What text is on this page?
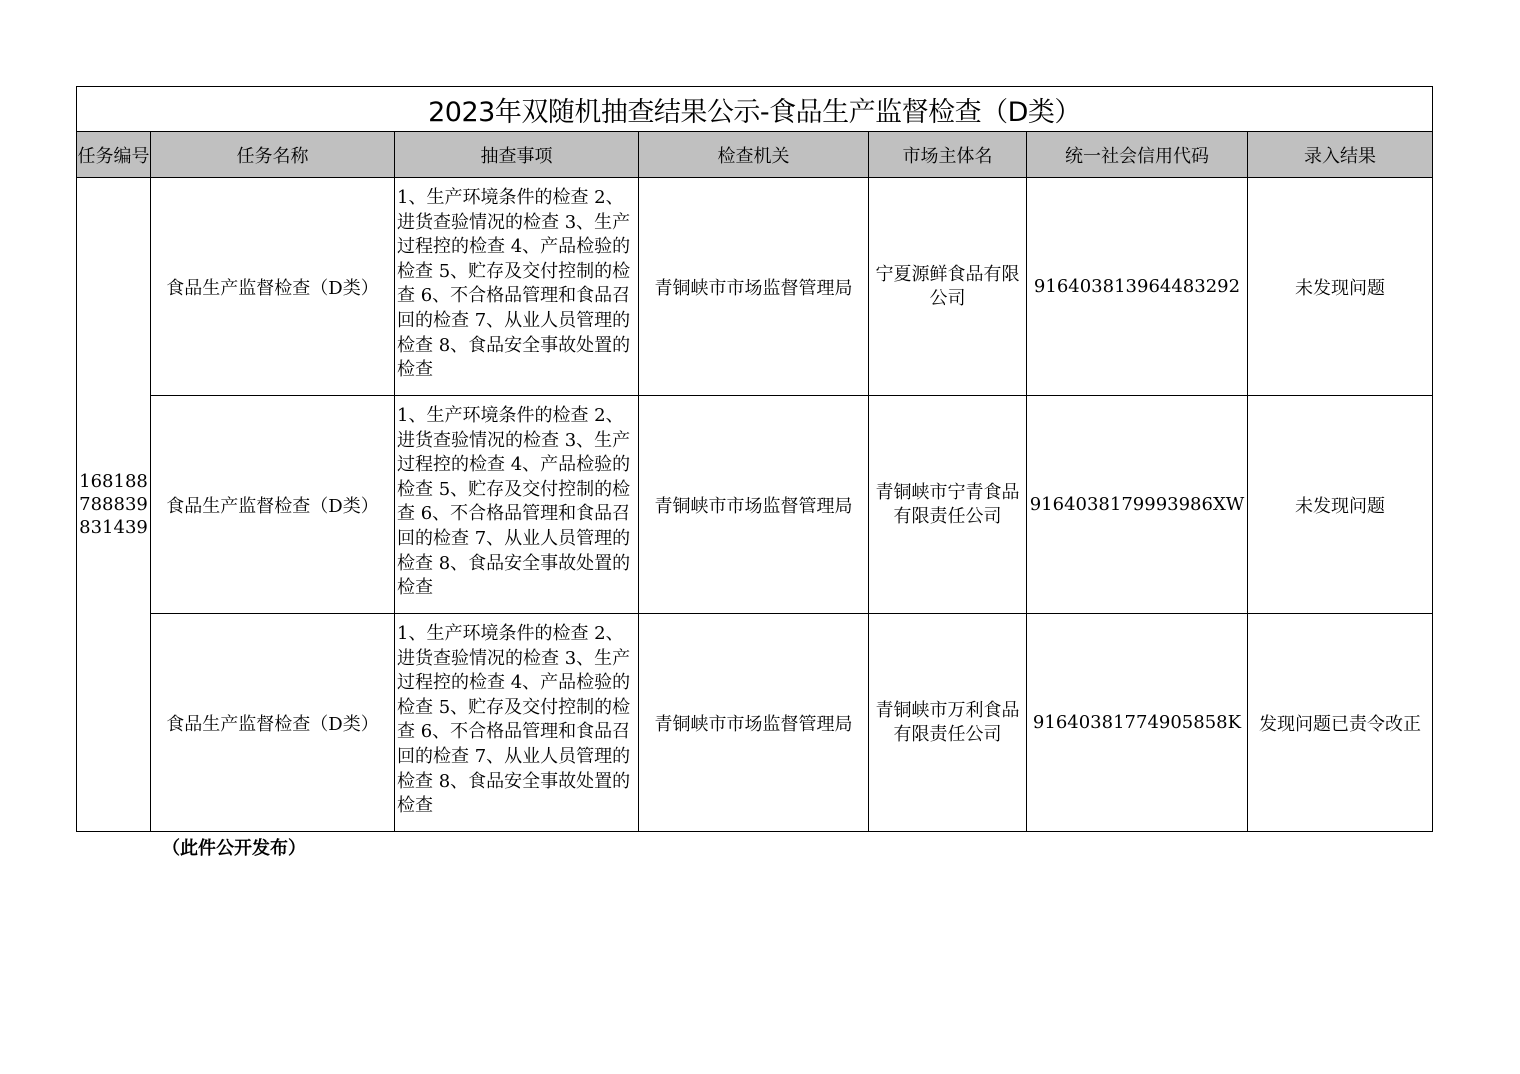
2023年双随机抽查结果公示-食品生产监督检查（D类）						
任务编号	任务名称	抽查事项	检查机关	市场主体名	统一社会信用代码	录入结果
168188788839831439	食品生产监督检查（D类）	1、生产环境条件的检查 2、进货查验情况的检查 3、生产过程控的检查 4、产品检验的检查 5、贮存及交付控制的检查 6、不合格品管理和食品召回的检查 7、从业人员管理的检查 8、食品安全事故处置的检查	青铜峡市市场监督管理局	宁夏源鲜食品有限公司	916403813964483292	未发现问题
	食品生产监督检查（D类）	1、生产环境条件的检查 2、进货查验情况的检查 3、生产过程控的检查 4、产品检验的检查 5、贮存及交付控制的检查 6、不合格品管理和食品召回的检查 7、从业人员管理的检查 8、食品安全事故处置的检查	青铜峡市市场监督管理局	青铜峡市宁青食品有限责任公司	9164038179993986XW	未发现问题
	食品生产监督检查（D类）	1、生产环境条件的检查 2、进货查验情况的检查 3、生产过程控的检查 4、产品检验的检查 5、贮存及交付控制的检查 6、不合格品管理和食品召回的检查 7、从业人员管理的检查 8、食品安全事故处置的检查	青铜峡市市场监督管理局	青铜峡市万利食品有限责任公司	91640381774905858K	发现问题已责令改正
（此件公开发布）
